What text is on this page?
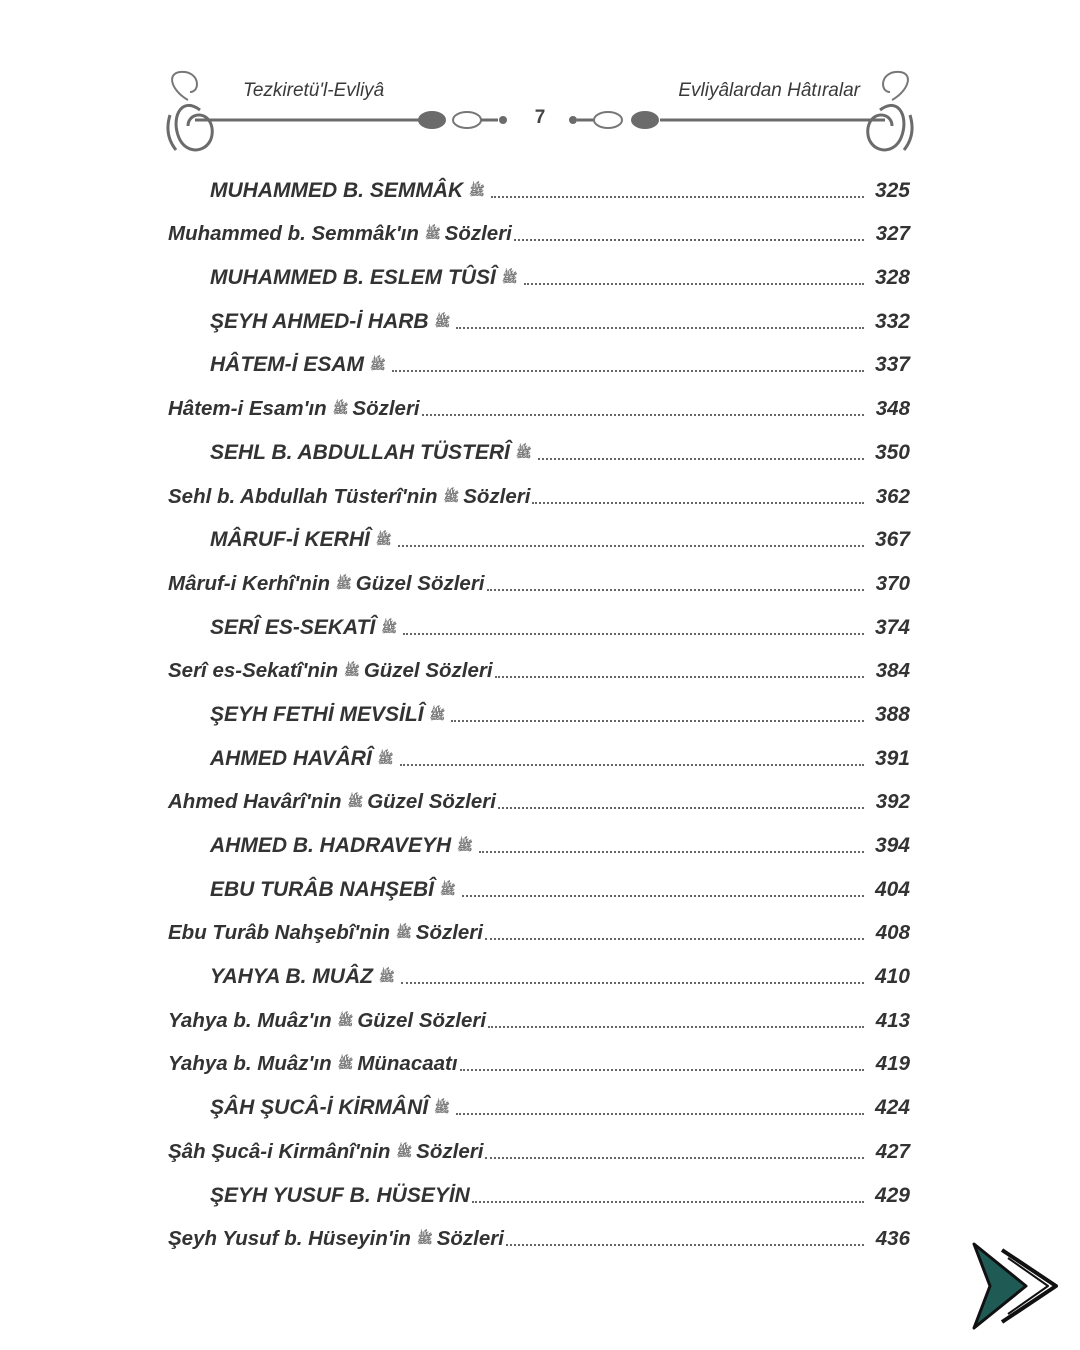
Tezkiretü'l-Evliyâ	Evliyâlardan Hâtıralar
7
MUHAMMED B. SEMMÂK ﷺ	325
Muhammed b. Semmâk'ın ﷺ Sözleri	327
MUHAMMED B. ESLEM TÛSÎ ﷺ	328
ŞEYH AHMED-İ HARB ﷺ	332
HÂTEM-İ ESAM ﷺ	337
Hâtem-i Esam'ın ﷺ Sözleri	348
SEHL B. ABDULLAH TÜSTERÎ ﷺ	350
Sehl b. Abdullah Tüsterî'nin ﷺ Sözleri	362
MÂRUF-İ KERHÎ ﷺ	367
Mâruf-i Kerhî'nin ﷺ Güzel Sözleri	370
SERÎ ES-SEKATÎ ﷺ	374
Serî es-Sekatî'nin ﷺ Güzel Sözleri	384
ŞEYH FETHİ MEVSİLÎ ﷺ	388
AHMED HAVÂRÎ ﷺ	391
Ahmed Havârî'nin ﷺ Güzel Sözleri	392
AHMED B. HADRAVEYH ﷺ	394
EBU TURÂB NAHŞEBÎ ﷺ	404
Ebu Turâb Nahşebî'nin ﷺ Sözleri	408
YAHYA B. MUÂZ ﷺ	410
Yahya b. Muâz'ın ﷺ Güzel Sözleri	413
Yahya b. Muâz'ın ﷺ Münacaatı	419
ŞÂH ŞUCÂ-İ KİRMÂNÎ ﷺ	424
Şâh Şucâ-i Kirmânî'nin ﷺ Sözleri	427
ŞEYH YUSUF B. HÜSEYİN	429
Şeyh Yusuf b. Hüseyin'in ﷺ Sözleri	436
